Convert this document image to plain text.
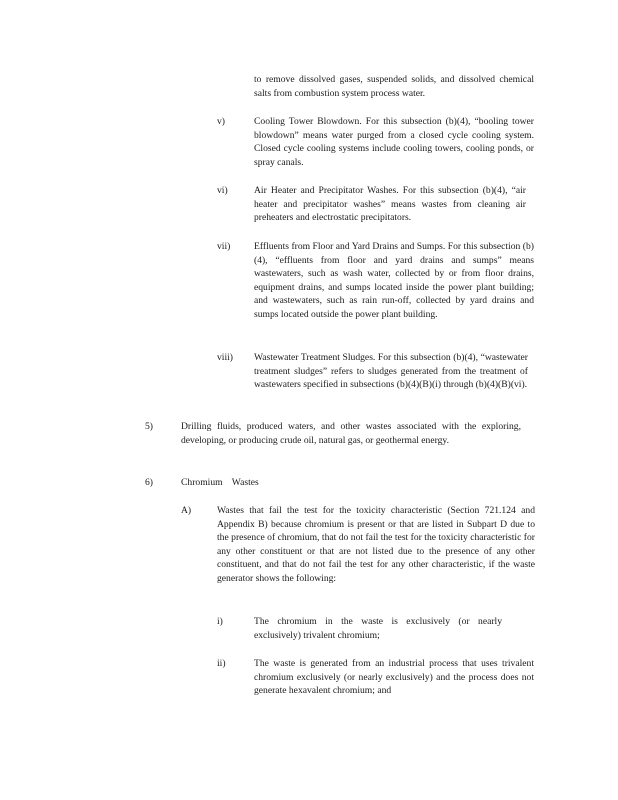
to remove dissolved gases, suspended solids, and dissolved chemical salts from combustion system process water.

v)	Cooling Tower Blowdown. For this subsection (b)(4), “booling tower blowdown” means water purged from a closed cycle cooling system. Closed cycle cooling systems include cooling towers, cooling ponds, or spray canals.

vi)	Air Heater and Precipitator Washes. For this subsection (b)(4), “air heater and precipitator washes” means wastes from cleaning air preheaters and electrostatic precipitators.

vii) Effluents from Floor and Yard Drains and Sumps. For this subsection (b)(4), “effluents from floor and yard drains and sumps” means wastewaters, such as wash water, collected by or from floor drains, equipment drains, and sumps located inside the power plant building; and wastewaters, such as rain run-off, collected by yard drains and sumps located outside the power plant building.

viii) Wastewater Treatment Sludges. For this subsection (b)(4), “wastewater treatment sludges” refers to sludges generated from the treatment of wastewaters specified in subsections (b)(4)(B)(i) through (b)(4)(B)(vi).

5)	Drilling fluids, produced waters, and other wastes associated with the exploring, developing, or producing crude oil, natural gas, or geothermal energy.

6)	Chromium Wastes
A)	Wastes that fail the test for the toxicity characteristic (Section 721.124 and Appendix B) because chromium is present or that are listed in Subpart D due to the presence of chromium, that do not fail the test for the toxicity characteristic for any other constituent or that are not listed due to the presence of any other constituent, and that do not fail the test for any other characteristic, if the waste generator shows the following:

i)	The chromium in the waste is exclusively (or nearly exclusively) trivalent chromium;

ii)	The waste is generated from an industrial process that uses trivalent chromium exclusively (or nearly exclusively) and the process does not generate hexavalent chromium; and
